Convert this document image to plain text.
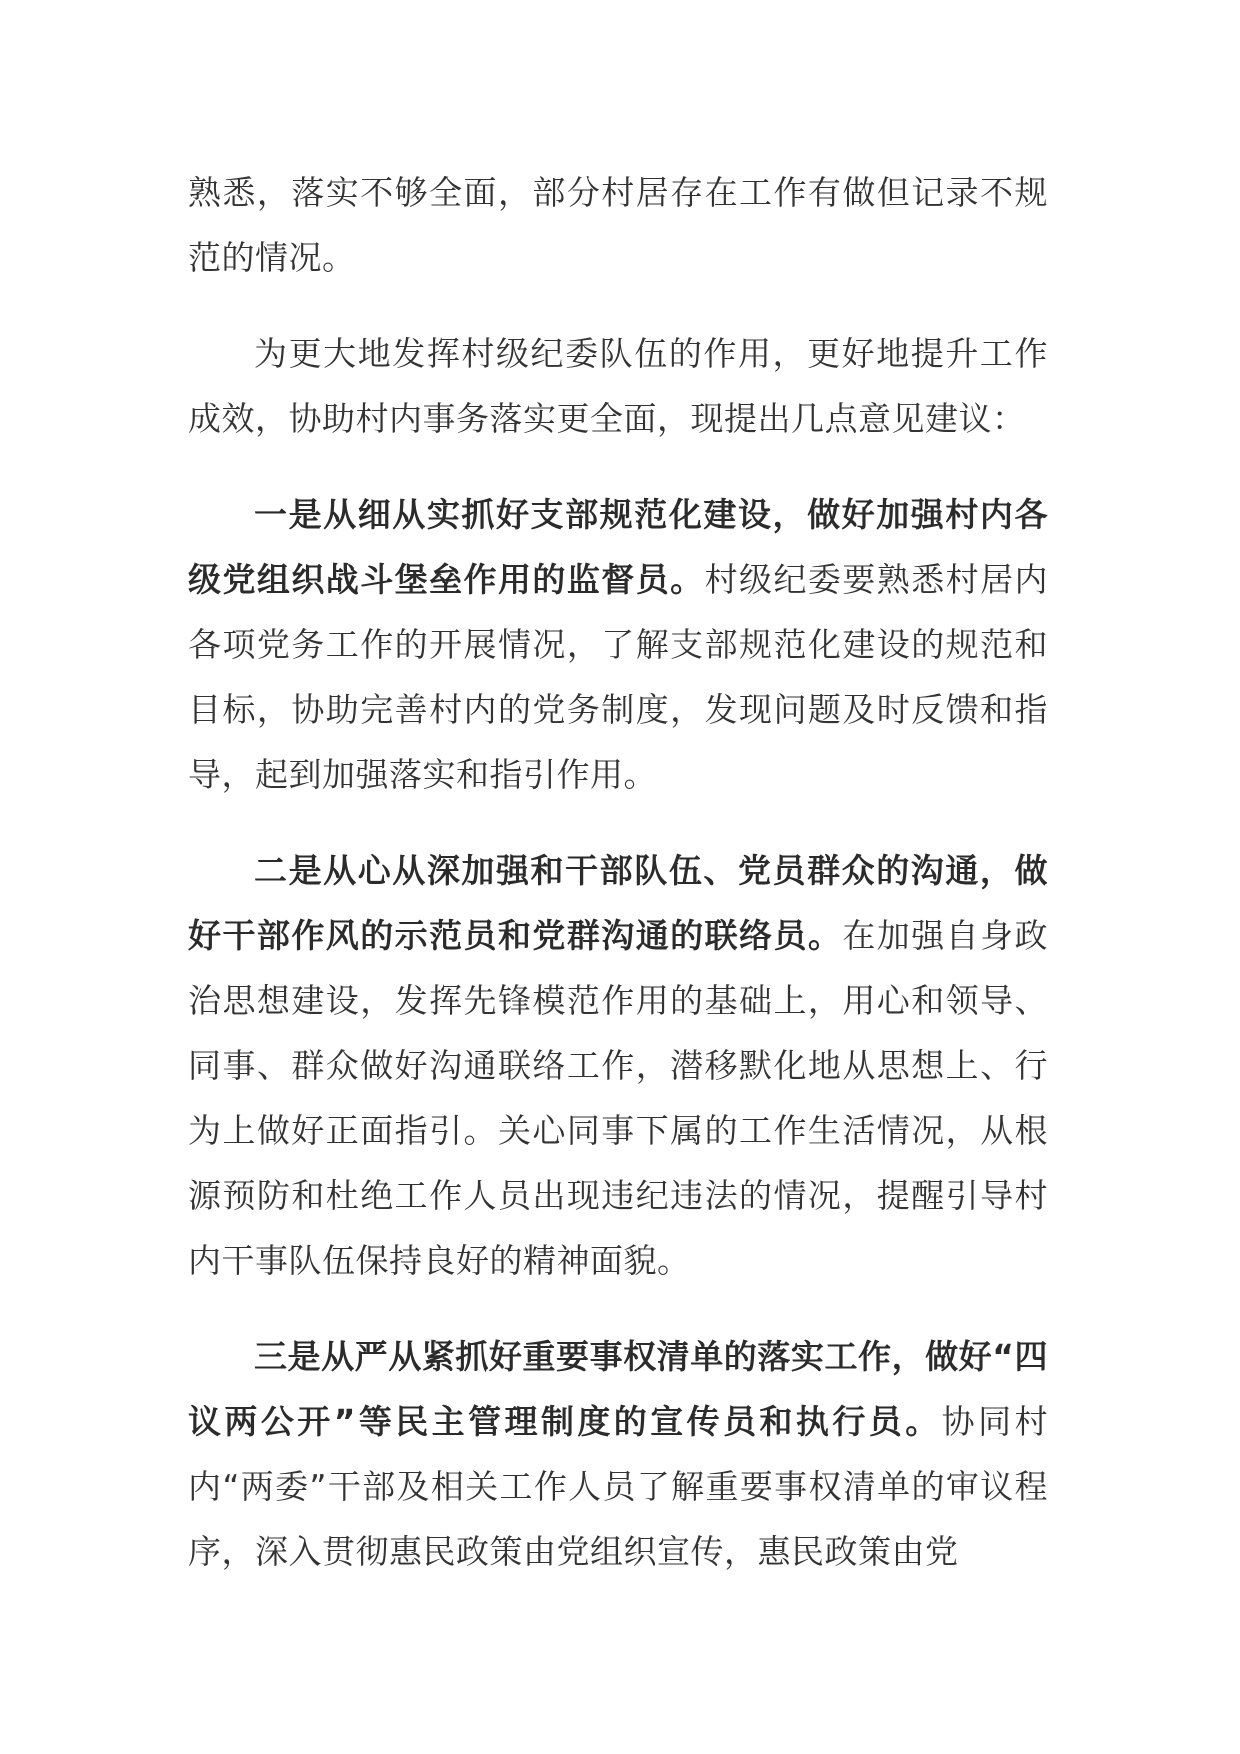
熟悉，落实不够全面，部分村居存在工作有做但记录不规范的情况。

为更大地发挥村级纪委队伍的作用，更好地提升工作成效，协助村内事务落实更全面，现提出几点意见建议：

一是从细从实抓好支部规范化建设，做好加强村内各级党组织战斗堡垒作用的监督员。村级纪委要熟悉村居内各项党务工作的开展情况，了解支部规范化建设的规范和目标，协助完善村内的党务制度，发现问题及时反馈和指导，起到加强落实和指引作用。

二是从心从深加强和干部队伍、党员群众的沟通，做好干部作风的示范员和党群沟通的联络员。在加强自身政治思想建设，发挥先锋模范作用的基础上，用心和领导、同事、群众做好沟通联络工作，潜移默化地从思想上、行为上做好正面指引。关心同事下属的工作生活情况，从根源预防和杜绝工作人员出现违纪违法的情况，提醒引导村内干事队伍保持良好的精神面貌。

三是从严从紧抓好重要事权清单的落实工作，做好“四议两公开”等民主管理制度的宣传员和执行员。协同村内“两委”干部及相关工作人员了解重要事权清单的审议程序，深入贯彻惠民政策由党组织宣传，惠民政策由党
